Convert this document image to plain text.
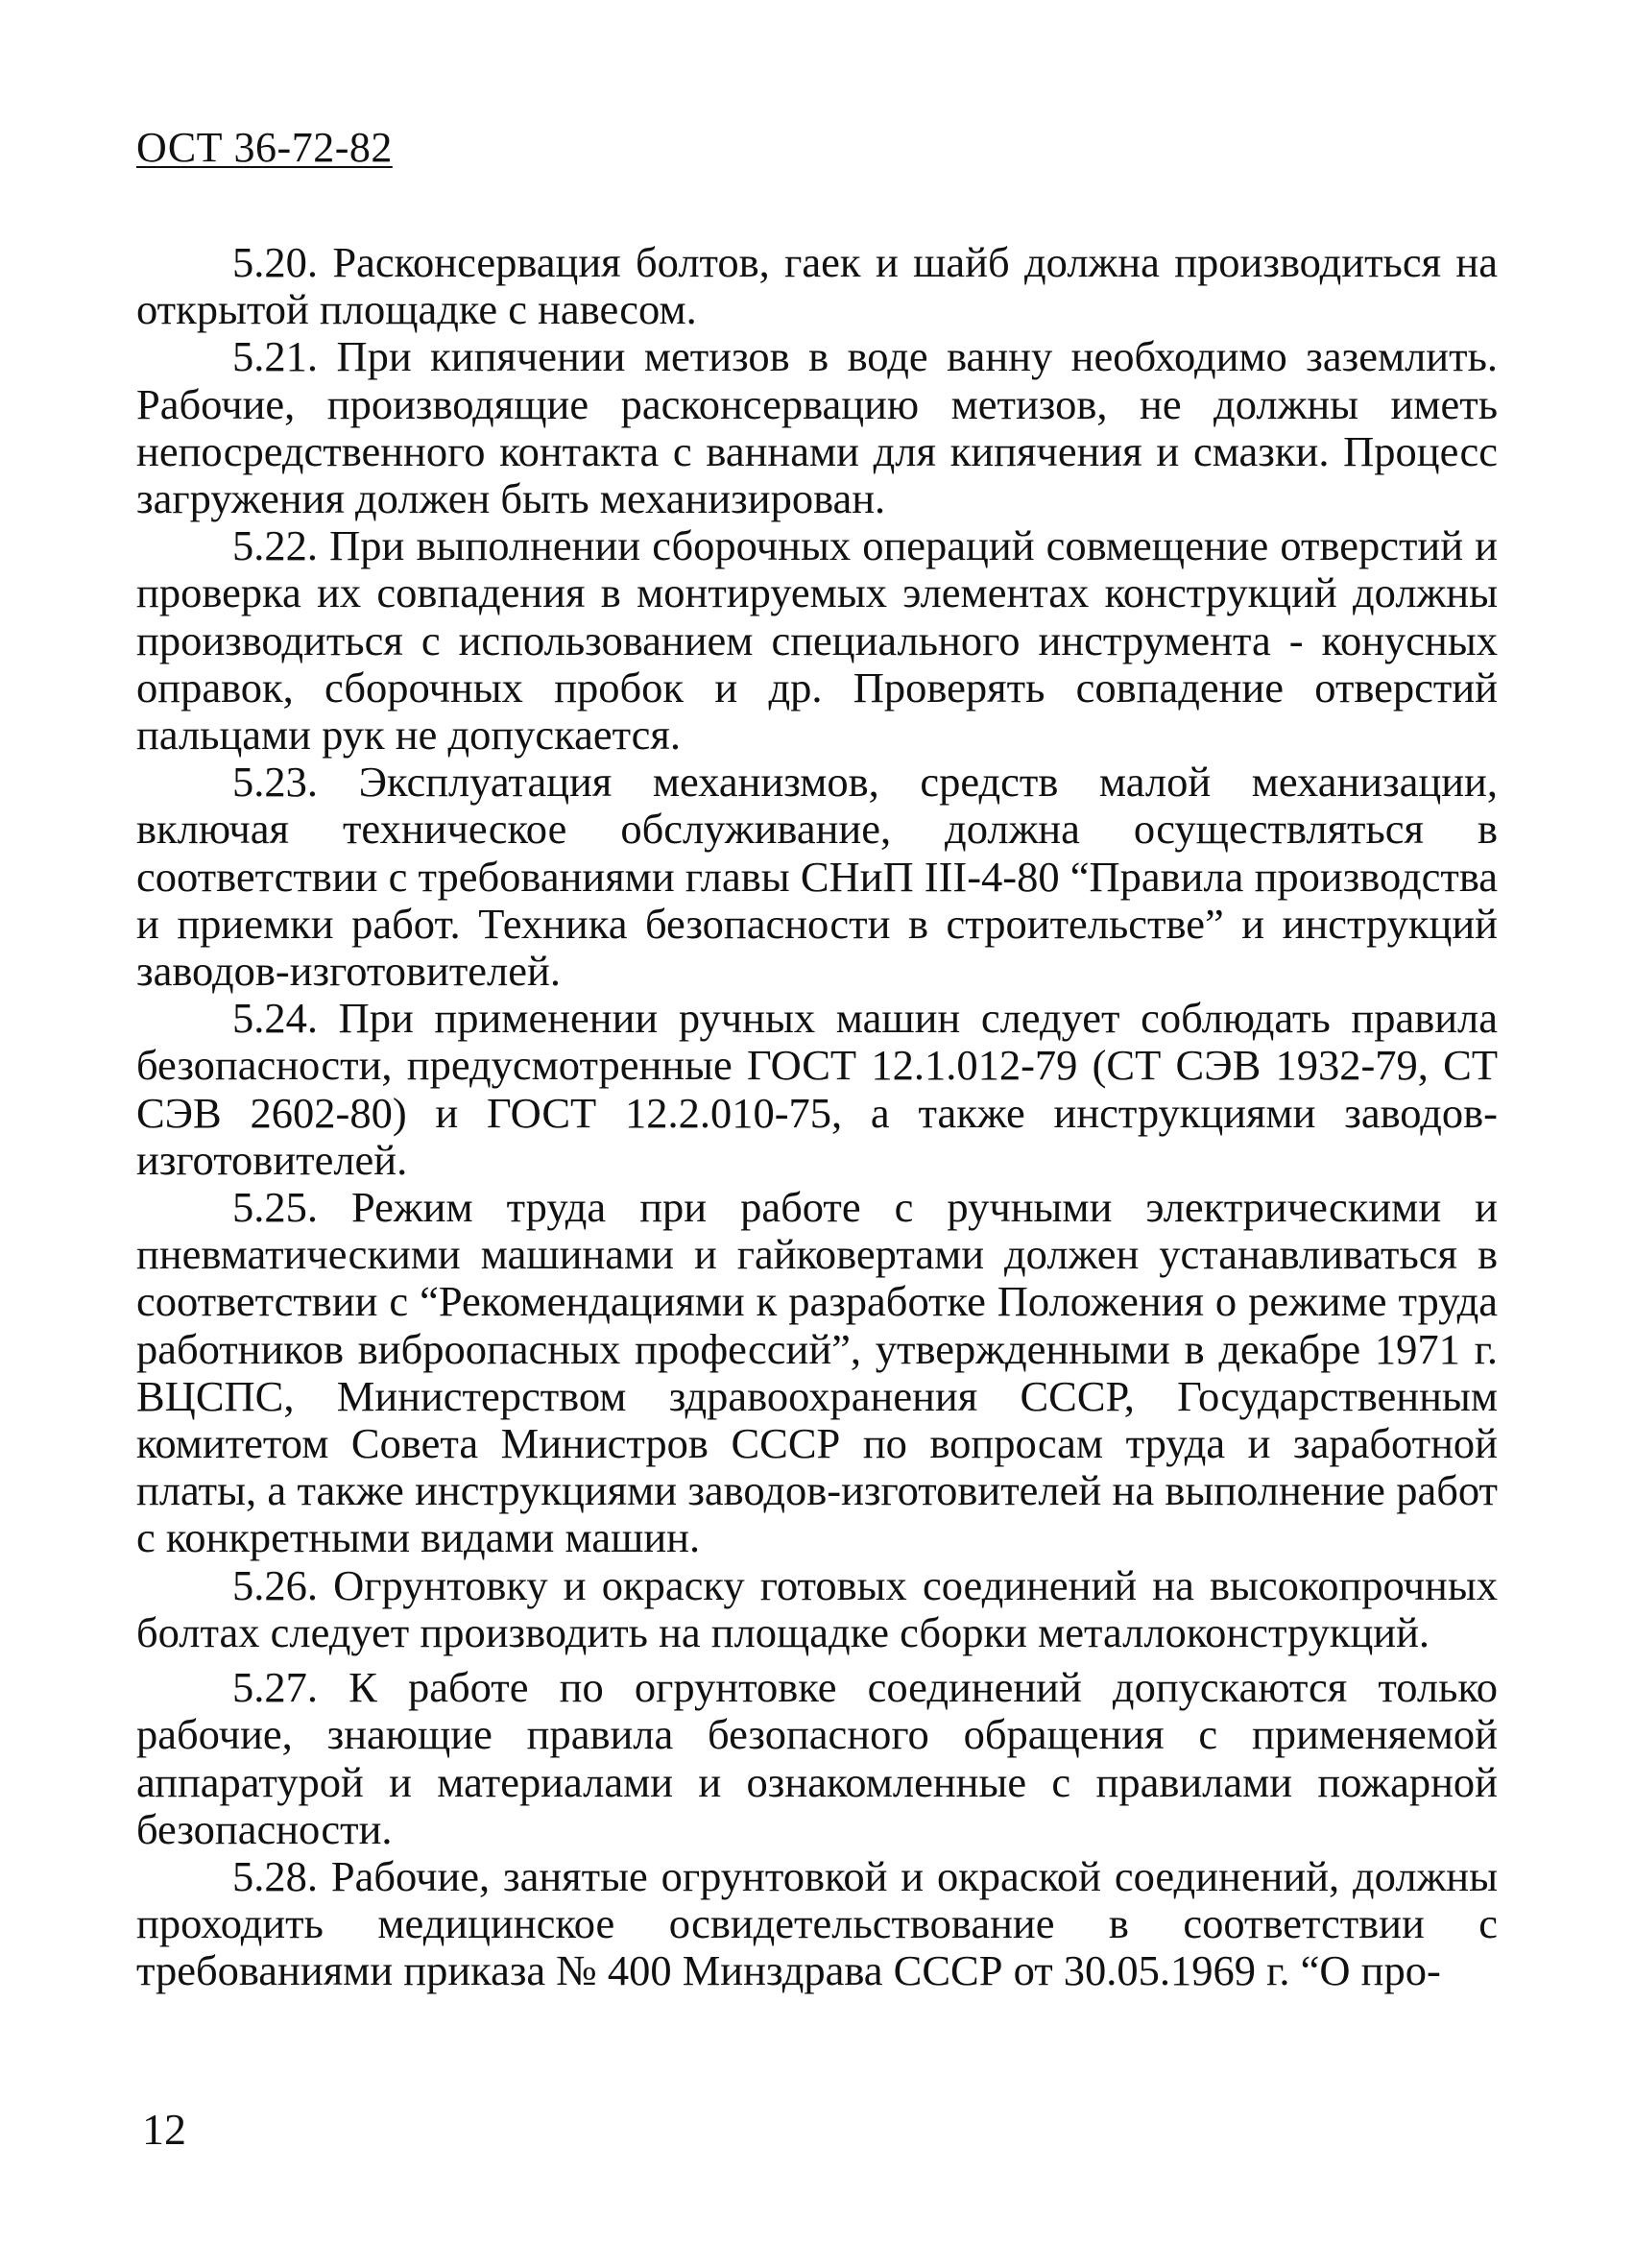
ОСТ 36-72-82

5.20. Расконсервация болтов, гаек и шайб должна производиться на открытой площадке с навесом.

5.21. При кипячении метизов в воде ванну необходимо заземлить. Рабочие, производящие расконсервацию метизов, не должны иметь непосредственного контакта с ваннами для кипячения и смазки. Процесс загружения должен быть механизирован.

5.22. При выполнении сборочных операций совмещение отверстий и проверка их совпадения в монтируемых элементах конструкций должны производиться с использованием специального инструмента - конусных оправок, сборочных пробок и др. Проверять совпадение отверстий пальцами рук не допускается.

5.23. Эксплуатация механизмов, средств малой механизации, включая техническое обслуживание, должна осуществляться в соответствии с требованиями главы СНиП III-4-80 “Правила производства и приемки работ. Техника безопасности в строительстве” и инструкций заводов-изготовителей.

5.24. При применении ручных машин следует соблюдать правила безопасности, предусмотренные ГОСТ 12.1.012-79 (СТ СЭВ 1932-79, СТ СЭВ 2602-80) и ГОСТ 12.2.010-75, а также инструкциями заводов-изготовителей.

5.25. Режим труда при работе с ручными электрическими и пневматическими машинами и гайковертами должен устанавливаться в соответствии с “Рекомендациями к разработке Положения о режиме труда работников виброопасных профессий”, утвержденными в декабре 1971 г. ВЦСПС, Министерством здравоохранения СССР, Государственным комитетом Совета Министров СССР по вопросам труда и заработной платы, а также инструкциями заводов-изготовителей на выполнение работ с конкретными видами машин.

5.26. Огрунтовку и окраску готовых соединений на высокопрочных болтах следует производить на площадке сборки металлоконструкций.

5.27. К работе по огрунтовке соединений допускаются только рабочие, знающие правила безопасного обращения с применяемой аппаратурой и материалами и ознакомленные с правилами пожарной безопасности.

5.28. Рабочие, занятые огрунтовкой и окраской соединений, должны проходить медицинское освидетельствование в соответствии с требованиями приказа № 400 Минздрава СССР от 30.05.1969 г. “О про-

12
